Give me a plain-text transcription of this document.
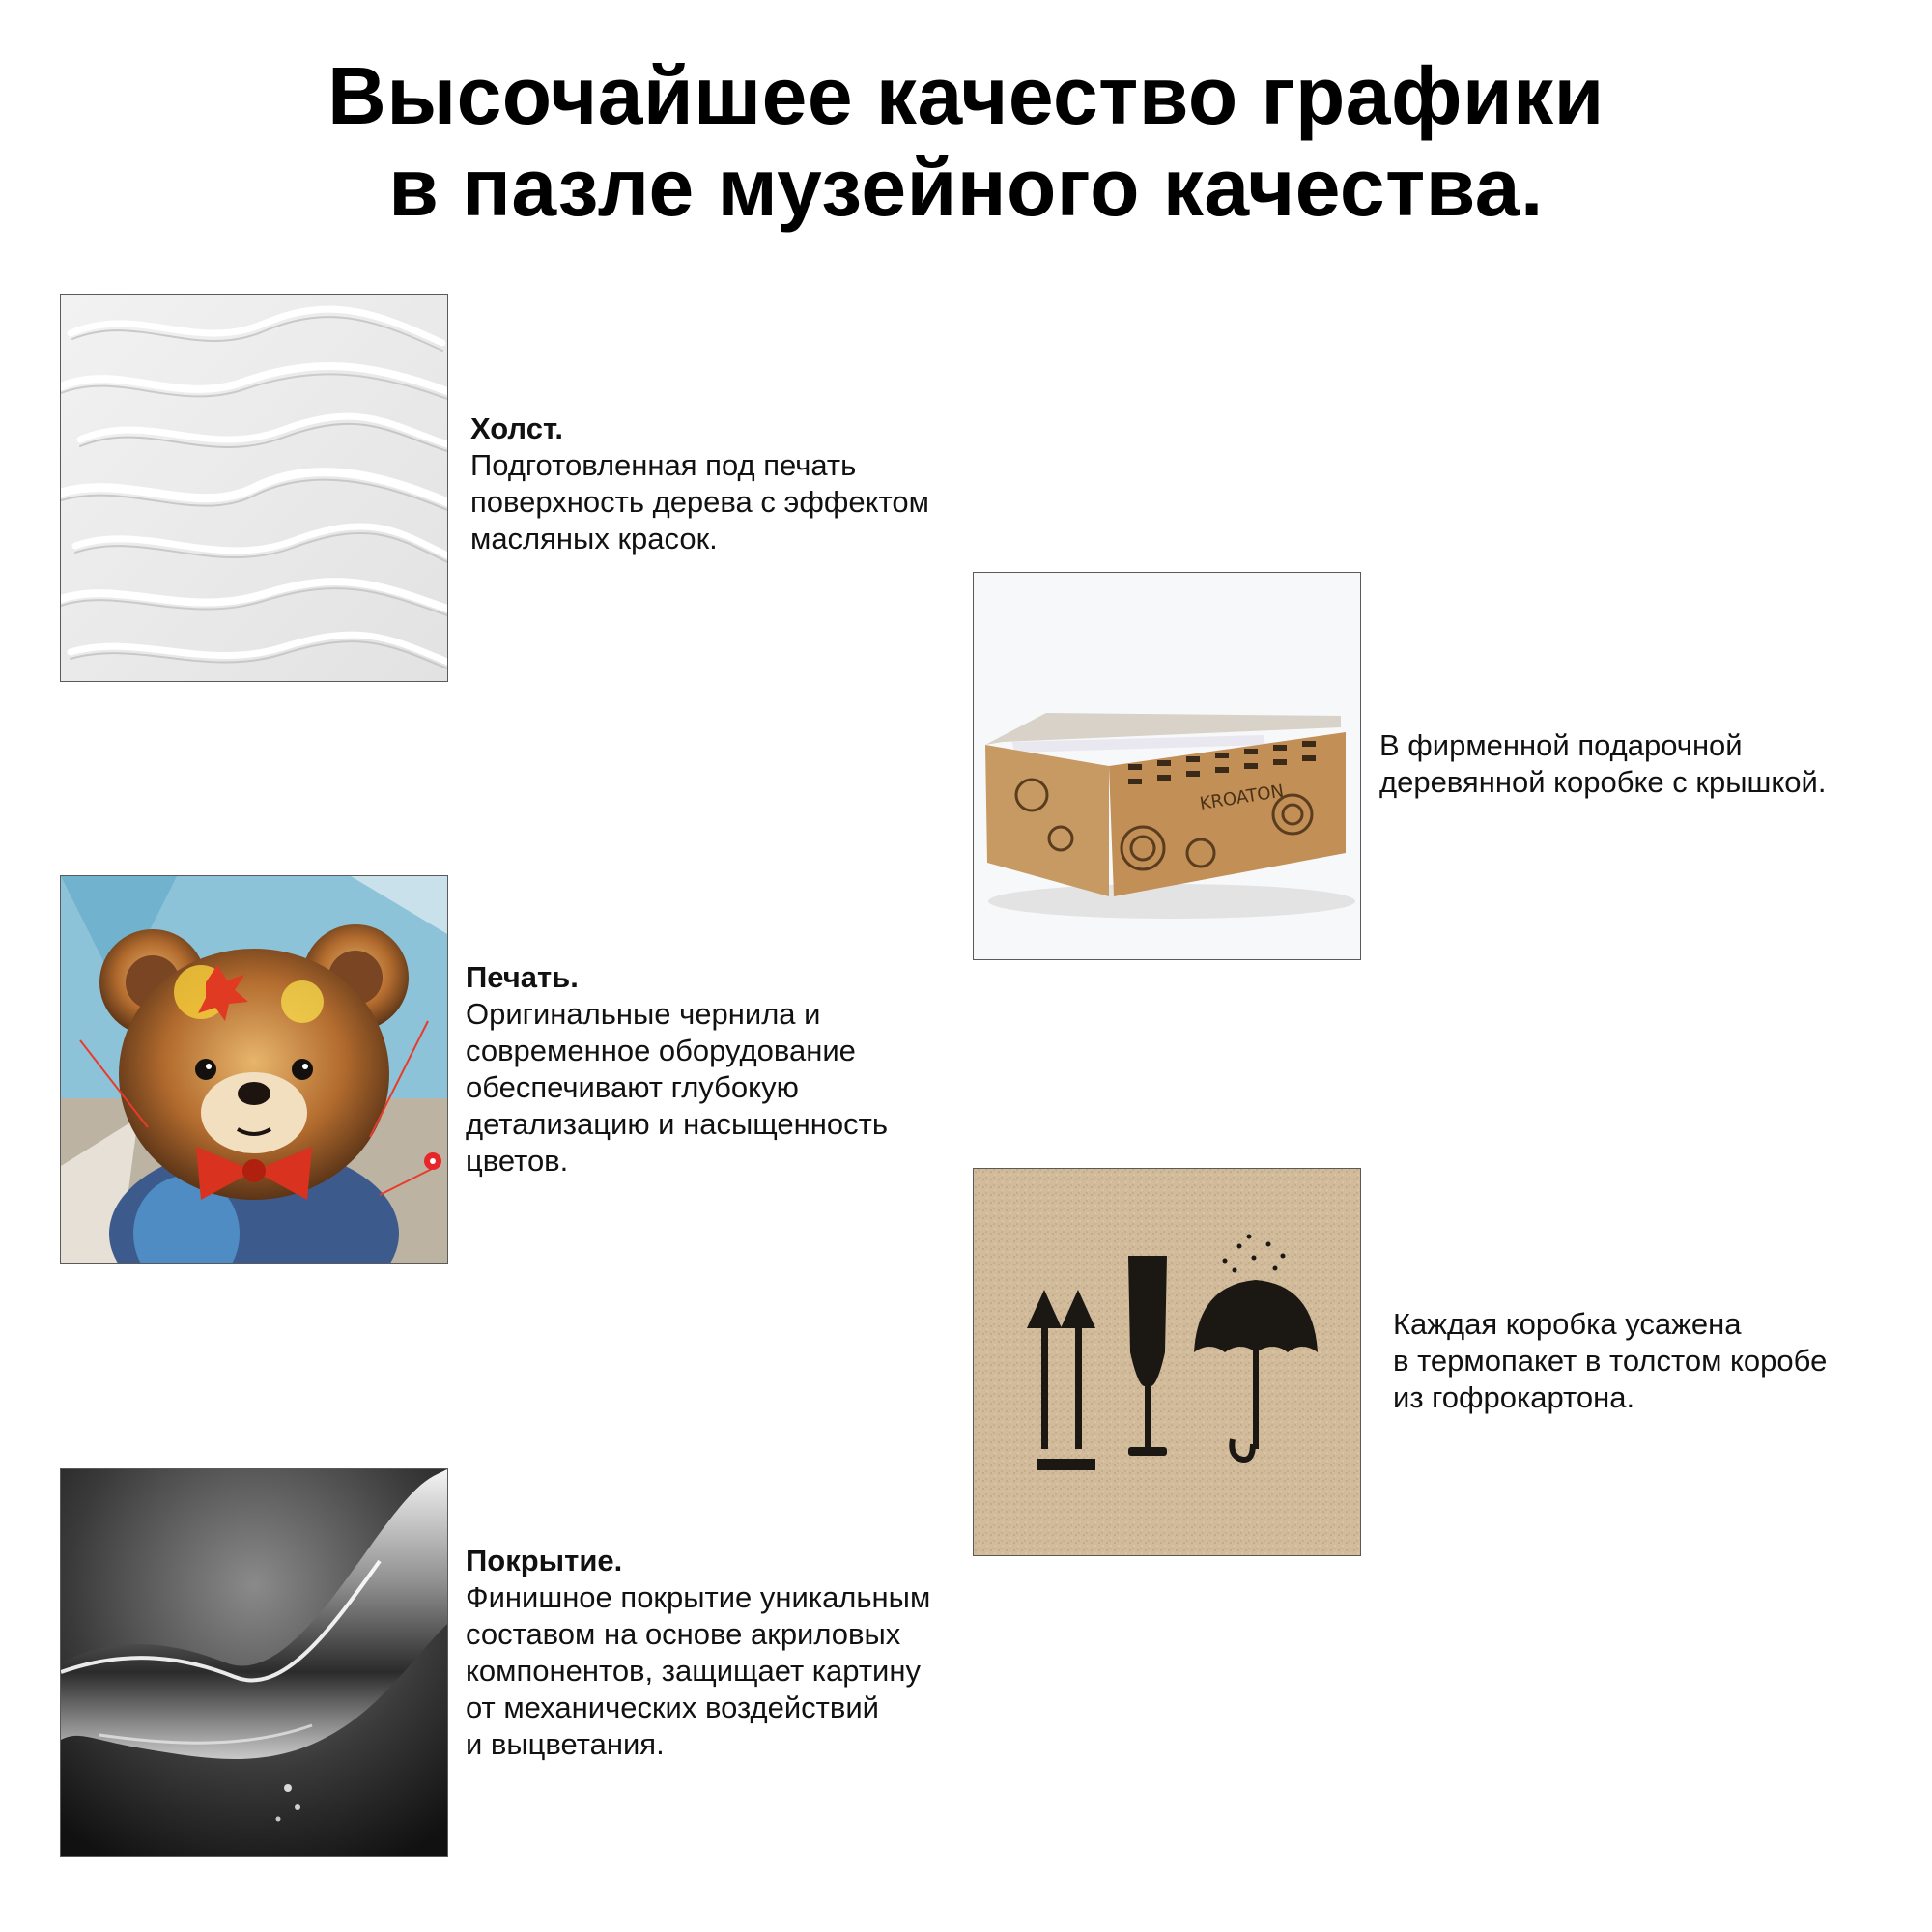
Высочайшее качество графики
в пазле музейного качества.
Холст.
Подготовленная под печать
поверхность дерева с эффектом
масляных красок.
KROATON
В фирменной подарочной
деревянной коробке с крышкой.
Печать.
Оригинальные чернила и
современное оборудование
обеспечивают глубокую
детализацию и насыщенность
цветов.
Каждая коробка усажена
в термопакет в толстом коробе
из гофрокартона.
Покрытие.
Финишное покрытие уникальным
составом на основе акриловых
компонентов, защищает картину
от механических воздействий
и выцветания.
